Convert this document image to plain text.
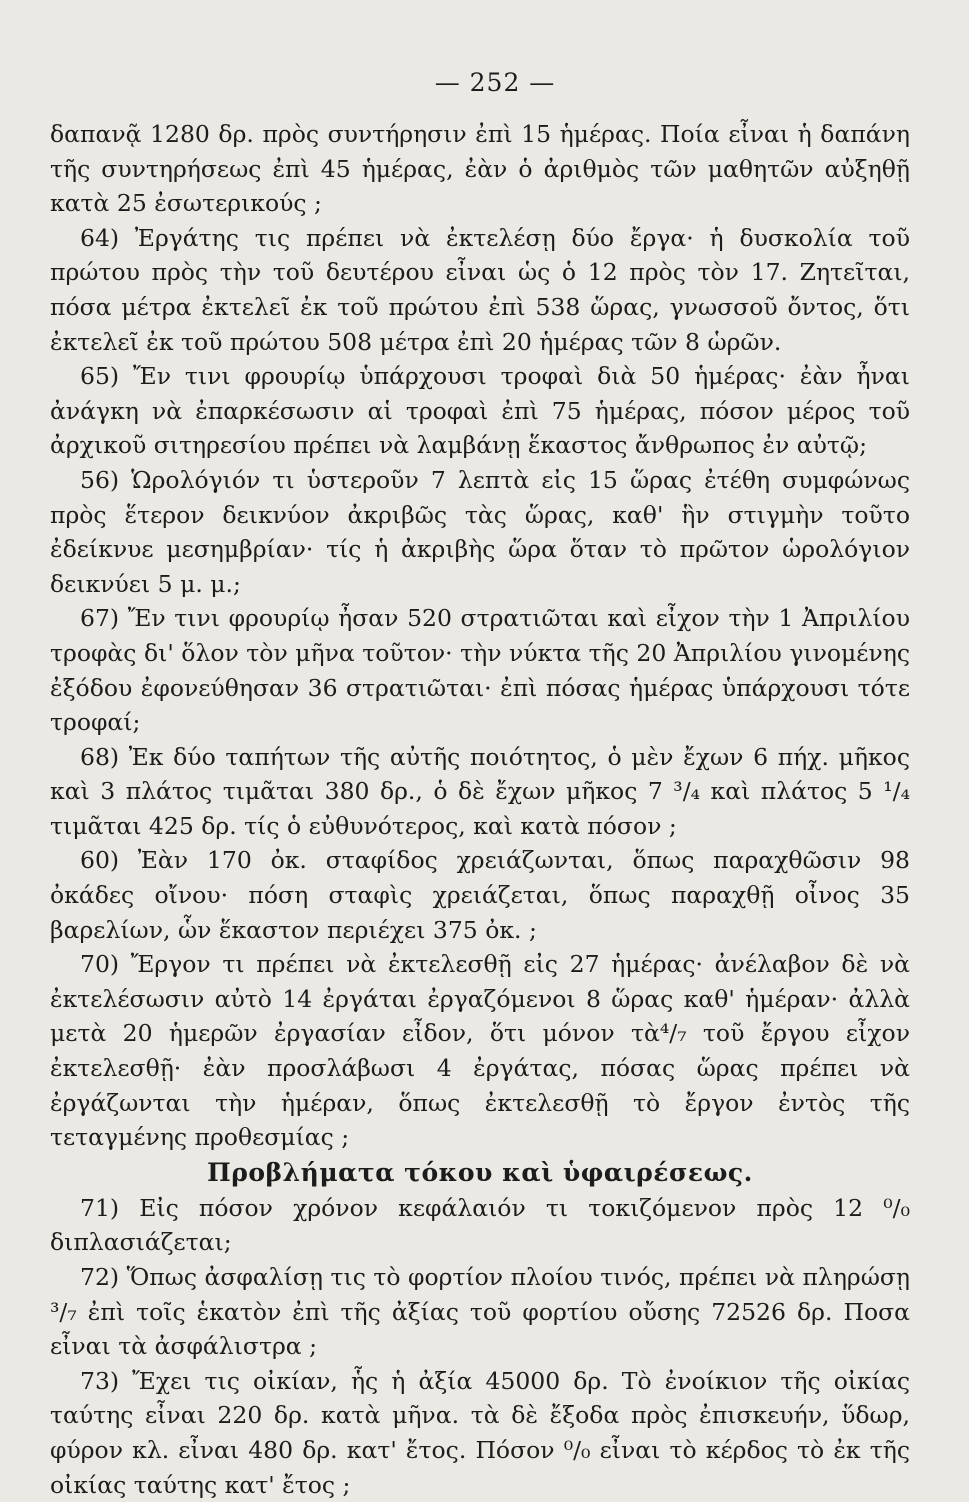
— 252 —

δαπανᾷ 1280 δρ. πρὸς συντήρησιν ἐπὶ 15 ἡμέρας. Ποία εἶναι ἡ δαπάνη τῆς συντηρήσεως ἐπὶ 45 ἡμέρας, ἐὰν ὁ ἀριθμὸς τῶν μαθητῶν αὐξηθῇ κατὰ 25 ἐσωτερικούς ;

64) Ἐργάτης τις πρέπει νὰ ἐκτελέσῃ δύο ἔργα· ἡ δυσκολία τοῦ πρώτου πρὸς τὴν τοῦ δευτέρου εἶναι ὡς ὁ 12 πρὸς τὸν 17. Ζητεῖται, πόσα μέτρα ἐκτελεῖ ἐκ τοῦ πρώτου ἐπὶ 538 ὥρας, γνωσσοῦ ὄντος, ὅτι ἐκτελεῖ ἐκ τοῦ πρώτου 508 μέτρα ἐπὶ 20 ἡμέρας τῶν 8 ὡρῶν.

65) Ἔν τινι φρουρίῳ ὑπάρχουσι τροφαὶ διὰ 50 ἡμέρας· ἐὰν ἦναι ἀνάγκη νὰ ἐπαρκέσωσιν αἱ τροφαὶ ἐπὶ 75 ἡμέρας, πόσον μέρος τοῦ ἀρχικοῦ σιτηρεσίου πρέπει νὰ λαμβάνῃ ἕκαστος ἄνθρωπος ἐν αὐτῷ;

56) Ὡρολόγιόν τι ὑστεροῦν 7 λεπτὰ εἰς 15 ὥρας ἐτέθη συμφώνως πρὸς ἕτερον δεικνύον ἀκριβῶς τὰς ὥρας, καθ' ἣν στιγμὴν τοῦτο ἐδείκνυε μεσημβρίαν· τίς ἡ ἀκριβὴς ὥρα ὅταν τὸ πρῶτον ὡρολόγιον δεικνύει 5 μ. μ.;

67) Ἔν τινι φρουρίῳ ἦσαν 520 στρατιῶται καὶ εἶχον τὴν 1 Ἀπριλίου τροφὰς δι' ὅλον τὸν μῆνα τοῦτον· τὴν νύκτα τῆς 20 Ἀπριλίου γινομένης ἐξόδου ἐφονεύθησαν 36 στρατιῶται· ἐπὶ πόσας ἡμέρας ὑπάρχουσι τότε τροφαί;

68) Ἐκ δύο ταπήτων τῆς αὐτῆς ποιότητος, ὁ μὲν ἔχων 6 πήχ. μῆκος καὶ 3 πλάτος τιμᾶται 380 δρ., ὁ δὲ ἔχων μῆκος 7 ³/₄ καὶ πλάτος 5 ¹/₄ τιμᾶται 425 δρ. τίς ὁ εὐθυνότερος, καὶ κατὰ πόσον ;

60) Ἐὰν 170 ὀκ. σταφίδος χρειάζωνται, ὅπως παραχθῶσιν 98 ὀκάδες οἴνου· πόση σταφὶς χρειάζεται, ὅπως παραχθῇ οἶνος 35 βαρελίων, ὧν ἕκαστον περιέχει 375 ὀκ. ;

70) Ἔργον τι πρέπει νὰ ἐκτελεσθῇ εἰς 27 ἡμέρας· ἀνέλαβον δὲ νὰ ἐκτελέσωσιν αὐτὸ 14 ἐργάται ἐργαζόμενοι 8 ὥρας καθ' ἡμέραν· ἀλλὰ μετὰ 20 ἡμερῶν ἐργασίαν εἶδον, ὅτι μόνον τὰ⁴/₇ τοῦ ἔργου εἶχον ἐκτελεσθῇ· ἐὰν προσλάβωσι 4 ἐργάτας, πόσας ὥρας πρέπει νὰ ἐργάζωνται τὴν ἡμέραν, ὅπως ἐκτελεσθῇ τὸ ἔργον ἐντὸς τῆς τεταγμένης προθεσμίας ;

Προβλήματα τόκου καὶ ὑφαιρέσεως.

71) Εἰς πόσον χρόνον κεφάλαιόν τι τοκιζόμενον πρὸς 12 ⁰/₀ διπλασιάζεται;

72) Ὅπως ἀσφαλίσῃ τις τὸ φορτίον πλοίου τινός, πρέπει νὰ πληρώσῃ ³/₇ ἐπὶ τοῖς ἑκατὸν ἐπὶ τῆς ἀξίας τοῦ φορτίου οὔσης 72526 δρ. Ποσα εἶναι τὰ ἀσφάλιστρα ;

73) Ἔχει τις οἰκίαν, ἧς ἡ ἀξία 45000 δρ. Τὸ ἐνοίκιον τῆς οἰκίας ταύτης εἶναι 220 δρ. κατὰ μῆνα. τὰ δὲ ἔξοδα πρὸς ἐπισκευήν, ὕδωρ, φύρον κλ. εἶναι 480 δρ. κατ' ἔτος. Πόσον ⁰/₀ εἶναι τὸ κέρδος τὸ ἐκ τῆς οἰκίας ταύτης κατ' ἔτος ;
